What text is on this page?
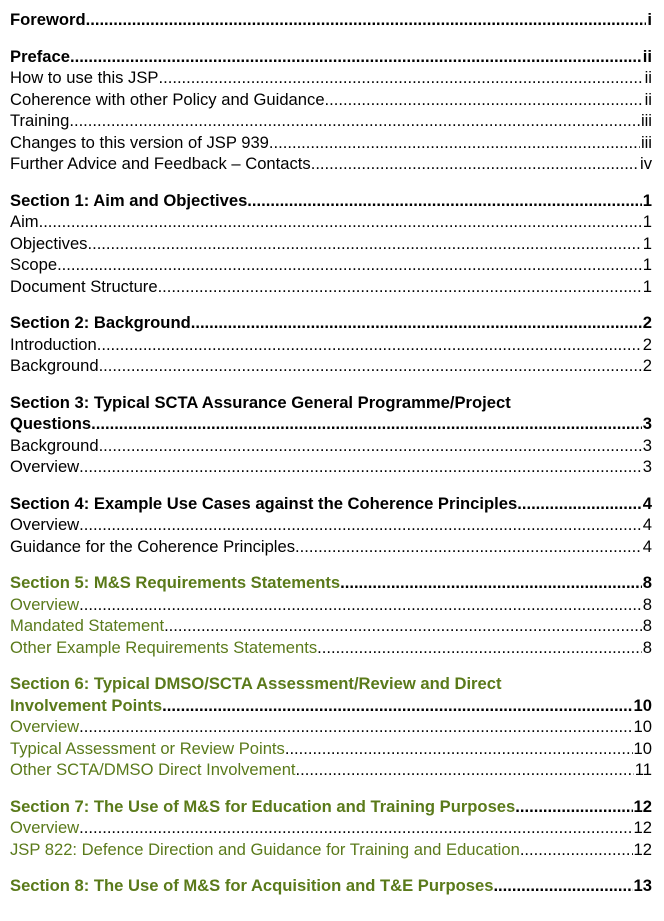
Foreword .....	i
Preface .....	ii
How to use this JSP .....	ii
Coherence with other Policy and Guidance .....	ii
Training .....	iii
Changes to this version of JSP 939 .....	iii
Further Advice and Feedback – Contacts .....	iv
Section 1: Aim and Objectives .....	1
Aim .....	1
Objectives .....	1
Scope .....	1
Document Structure .....	1
Section 2: Background .....	2
Introduction .....	2
Background .....	2
Section 3: Typical SCTA Assurance General Programme/Project
Questions .....	3
Background .....	3
Overview .....	3
Section 4: Example Use Cases against the Coherence Principles .....	4
Overview .....	4
Guidance for the Coherence Principles .....	4
Section 5: M&S Requirements Statements .....	8
Overview .....	8
Mandated Statement .....	8
Other Example Requirements Statements .....	8
Section 6: Typical DMSO/SCTA Assessment/Review and Direct
Involvement Points .....	10
Overview .....	10
Typical Assessment or Review Points .....	10
Other SCTA/DMSO Direct Involvement .....	11
Section 7: The Use of M&S for Education and Training Purposes .....	12
Overview .....	12
JSP 822: Defence Direction and Guidance for Training and Education .....	12
Section 8: The Use of M&S for Acquisition and T&E Purposes .....	13
